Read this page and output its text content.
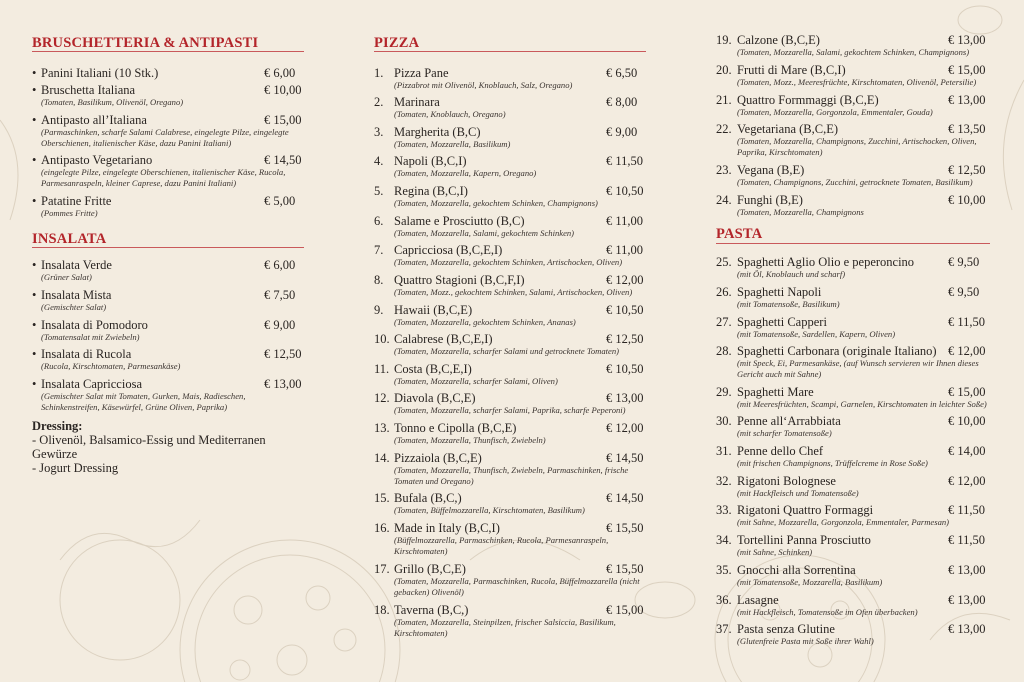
BRUSCHETTERIA & ANTIPASTI
• Panini Italiani (10 Stk.)	€ 6,00
• Bruschetta Italiana	€ 10,00
(Tomaten, Basilikum, Olivenöl, Oregano)
• Antipasto all’Italiana	€ 15,00
(Parmaschinken, scharfe Salami Calabrese, eingelegte Pilze, eingelegte Oberschienen, italienischer Käse, dazu Panini Italiani)
• Antipasto Vegetariano	€ 14,50
(eingelegte Pilze, eingelegte Oberschienen, italienischer Käse, Rucola, Parmesanraspeln, kleiner Caprese, dazu Panini Italiani)
• Patatine Fritte	€ 5,00
(Pommes Fritte)
INSALATA
• Insalata Verde	€ 6,00
(Grüner Salat)
• Insalata Mista	€ 7,50
(Gemischter Salat)
• Insalata di Pomodoro	€ 9,00
(Tomatensalat mit Zwiebeln)
• Insalata di Rucola	€ 12,50
(Rucola, Kirschtomaten, Parmesankäse)
• Insalata Capricciosa	€ 13,00
(Gemischter Salat mit Tomaten, Gurken, Mais, Radieschen, Schinkenstreifen, Käsewürfel, Grüne Oliven, Paprika)
Dressing:
- Olivenöl, Balsamico-Essig und Mediterranen Gewürze
- Jogurt Dressing
PIZZA
1. Pizza Pane	€ 6,50
(Pizzabrot mit Olivenöl, Knoblauch, Salz, Oregano)
2. Marinara	€ 8,00
(Tomaten, Knoblauch, Oregano)
3. Margherita (B,C)	€ 9,00
(Tomaten, Mozzarella, Basilikum)
4. Napoli (B,C,I)	€ 11,50
(Tomaten, Mozzarella, Kapern, Oregano)
5. Regina (B,C,I)	€ 10,50
(Tomaten, Mozzarella, gekochtem Schinken, Champignons)
6. Salame e Prosciutto (B,C)	€ 11,00
(Tomaten, Mozzarella, Salami, gekochtem Schinken)
7. Capricciosa (B,C,E,I)	€ 11,00
(Tomaten, Mozzarella, gekochtem Schinken, Artischocken, Oliven)
8. Quattro Stagioni (B,C,F,I)	€ 12,00
(Tomaten, Mozz., gekochtem Schinken, Salami, Artischocken, Oliven)
9. Hawaii (B,C,E)	€ 10,50
(Tomaten, Mozzarella, gekochtem Schinken, Ananas)
10. Calabrese (B,C,E,I)	€ 12,50
(Tomaten, Mozzarella, scharfer Salami und getrocknete Tomaten)
11. Costa (B,C,E,I)	€ 10,50
(Tomaten, Mozzarella, scharfer Salami, Oliven)
12. Diavola (B,C,E)	€ 13,00
(Tomaten, Mozzarella, scharfer Salami, Paprika, scharfe Peperoni)
13. Tonno e Cipolla (B,C,E)	€ 12,00
(Tomaten, Mozzarella, Thunfisch, Zwiebeln)
14. Pizzaiola (B,C,E)	€ 14,50
(Tomaten, Mozzarella, Thunfisch, Zwiebeln, Parmaschinken, frische Tomaten und Oregano)
15. Bufala (B,C,)	€ 14,50
(Tomaten, Büffelmozzarella, Kirschtomaten, Basilikum)
16. Made in Italy (B,C,I)	€ 15,50
(Büffelmozzarella, Parmaschinken, Rucola, Parmesanraspeln, Kirschtomaten)
17. Grillo (B,C,E)	€ 15,50
(Tomaten, Mozzarella, Parmaschinken, Rucola, Büffelmozzarella (nicht gebacken) Olivenöl)
18. Taverna (B,C,)	€ 15,00
(Tomaten, Mozzarella, Steinpilzen, frischer Salsiccia, Basilikum, Kirschtomaten)
19. Calzone (B,C,E)	€ 13,00
(Tomaten, Mozzarella, Salami, gekochtem Schinken, Champignons)
20. Frutti di Mare (B,C,I)	€ 15,00
(Tomaten, Mozz., Meeresfrüchte, Kirschtomaten, Olivenöl, Petersilie)
21. Quattro Formmaggi (B,C,E)	€ 13,00
(Tomaten, Mozzarella, Gorgonzola, Emmentaler, Gouda)
22. Vegetariana (B,C,E)	€ 13,50
(Tomaten, Mozzarella, Champignons, Zucchini, Artischocken, Oliven, Paprika, Kirschtomaten)
23. Vegana (B,E)	€ 12,50
(Tomaten, Champignons, Zucchini, getrocknete Tomaten, Basilikum)
24. Funghi (B,E)	€ 10,00
(Tomaten, Mozzarella, Champignons
PASTA
25. Spaghetti Aglio Olio e peperoncino	€ 9,50
(mit Öl, Knoblauch und scharf)
26. Spaghetti Napoli	€ 9,50
(mit Tomatensoße, Basilikum)
27. Spaghetti Capperi	€ 11,50
(mit Tomatensoße, Sardellen, Kapern, Oliven)
28. Spaghetti Carbonara (originale Italiano) € 12,00
(mit Speck, Ei, Parmesankäse, (auf Wunsch servieren wir Ihnen dieses Gericht auch mit Sahne)
29. Spaghetti Mare	€ 15,00
(mit Meeresfrüchten, Scampi, Garnelen, Kirschtomaten in leichter Soße)
30. Penne all‘Arrabbiata	€ 10,00
(mit scharfer Tomatensoße)
31. Penne dello Chef	€ 14,00
(mit frischen Champignons, Trüffelcreme in Rose Soße)
32. Rigatoni Bolognese	€ 12,00
(mit Hackfleisch und Tomatensoße)
33. Rigatoni Quattro Formaggi	€ 11,50
(mit Sahne, Mozzarella, Gorgonzola, Emmentaler, Parmesan)
34. Tortellini Panna Prosciutto	€ 11,50
(mit Sahne, Schinken)
35. Gnocchi alla Sorrentina	€ 13,00
(mit Tomatensoße, Mozzarella, Basilikum)
36. Lasagne	€ 13,00
(mit Hackfleisch, Tomatensoße im Ofen überbacken)
37. Pasta senza Glutine	€ 13,00
(Glutenfreie Pasta mit Soße ihrer Wahl)
